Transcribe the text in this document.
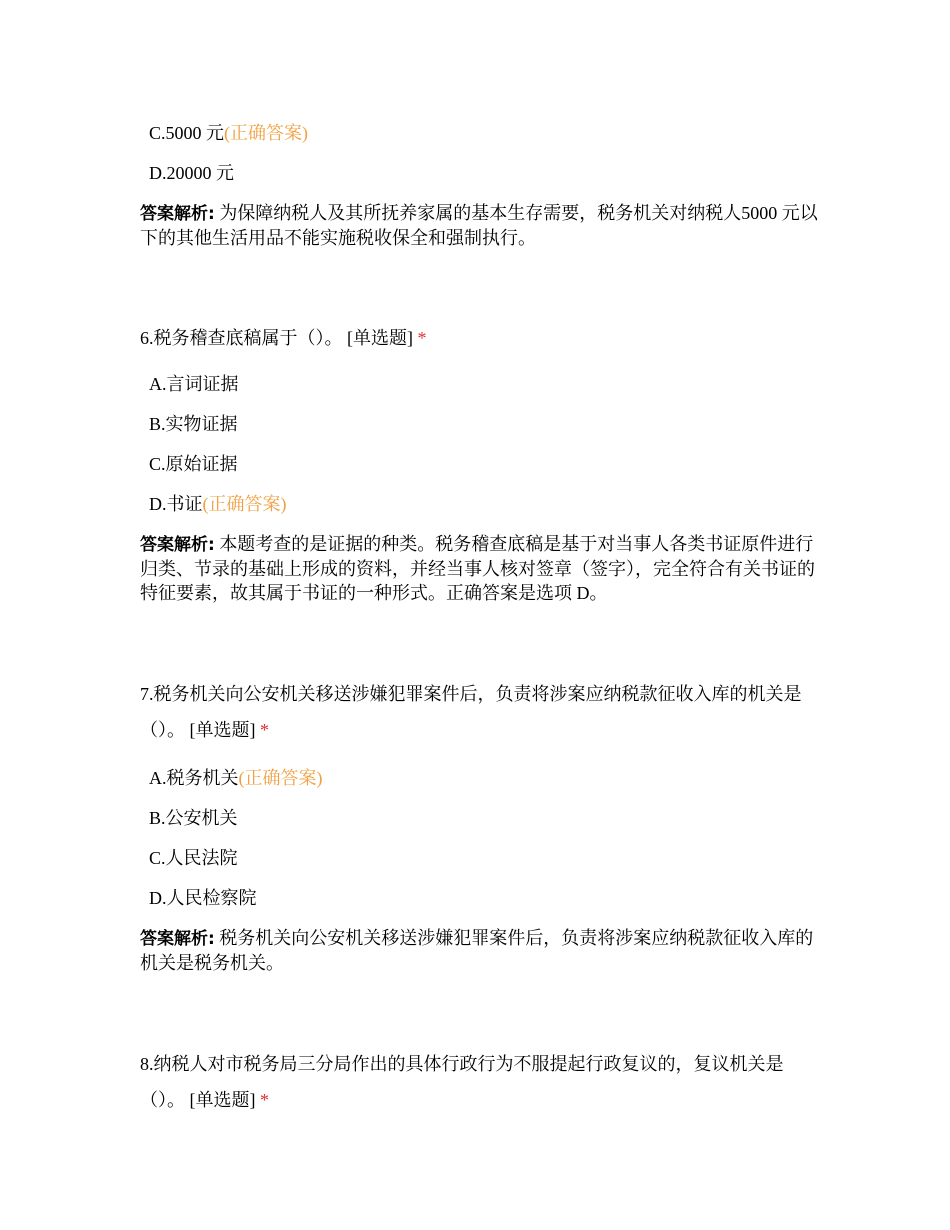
C.5000 元(正确答案)
D.20000 元
答案解析: 为保障纳税人及其所抚养家属的基本生存需要，税务机关对纳税人5000 元以下的其他生活用品不能实施税收保全和强制执行。
6.税务稽查底稿属于（）。 [单选题] *
A.言词证据
B.实物证据
C.原始证据
D.书证(正确答案)
答案解析: 本题考查的是证据的种类。税务稽查底稿是基于对当事人各类书证原件进行归类、节录的基础上形成的资料，并经当事人核对签章（签字），完全符合有关书证的特征要素，故其属于书证的一种形式。正确答案是选项 D。
7.税务机关向公安机关移送涉嫌犯罪案件后，负责将涉案应纳税款征收入库的机关是（）。 [单选题] *
A.税务机关(正确答案)
B.公安机关
C.人民法院
D.人民检察院
答案解析: 税务机关向公安机关移送涉嫌犯罪案件后，负责将涉案应纳税款征收入库的机关是税务机关。
8.纳税人对市税务局三分局作出的具体行政行为不服提起行政复议的，复议机关是（）。 [单选题] *
